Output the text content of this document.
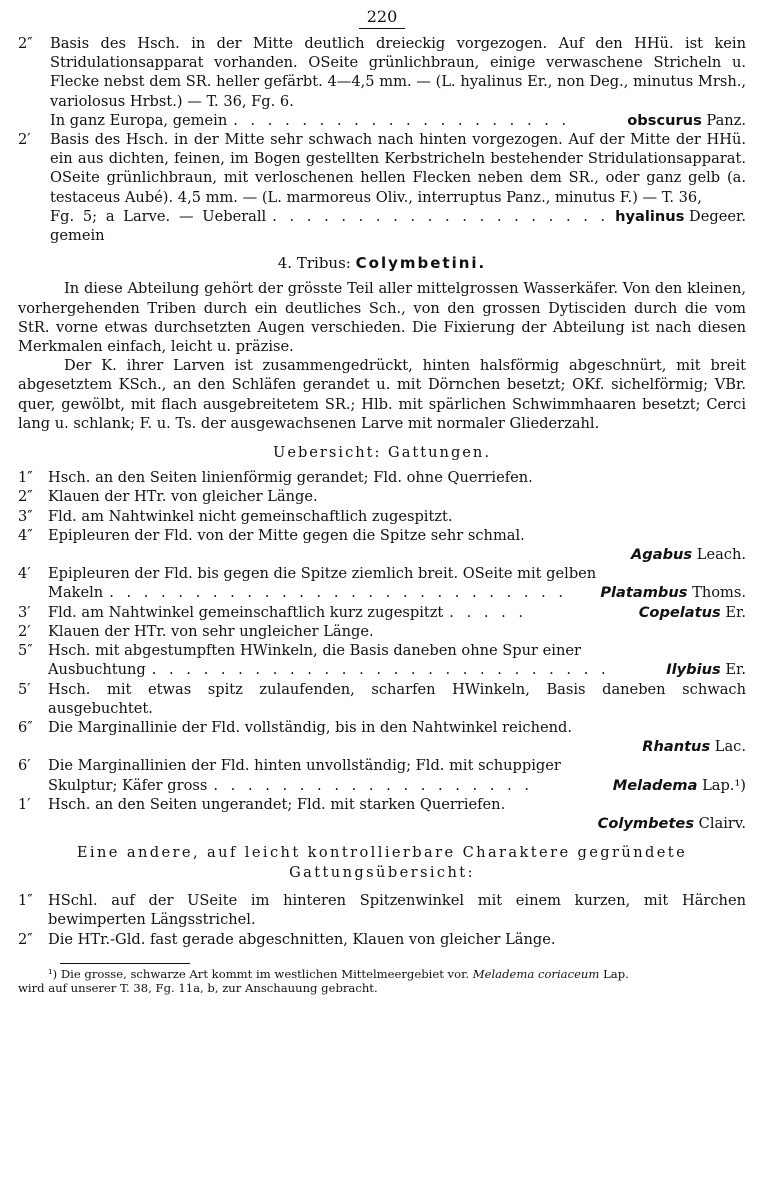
220
2″	Basis des Hsch. in der Mitte deutlich dreieckig vorgezogen. Auf den HHü. ist kein Stridulationsapparat vorhanden. OSeite grünlichbraun, einige verwaschene Stricheln u. Flecke nebst dem SR. heller gefärbt. 4—4,5 mm. — (L. hyalinus Er., non Deg., minutus Mrsh., variolosus Hrbst.) — T. 36, Fg. 6.
In ganz Europa, gemein . . . . . . . . . . . . . . . . . . . .	obscurus Panz.
2′	Basis des Hsch. in der Mitte sehr schwach nach hinten vorgezogen. Auf der Mitte der HHü. ein aus dichten, feinen, im Bogen gestellten Kerbstricheln bestehender Stridulationsapparat. OSeite grünlichbraun, mit verloschenen hellen Flecken neben dem SR., oder ganz gelb (a. testaceus Aubé). 4,5 mm. — (L. marmoreus Oliv., interruptus Panz., minutus F.) — T. 36,
Fg. 5; a Larve. — Ueberall gemein
. . . . . . . . . . . . . . . . . . . . hyalinus Degeer.
4. Tribus: Colymbetini.

In diese Abteilung gehört der grösste Teil aller mittelgrossen Wasserkäfer. Von den kleinen, vorhergehenden Triben durch ein deutliches Sch., von den grossen Dytisciden durch die vom StR. vorne etwas durchsetzten Augen verschieden. Die Fixierung der Abteilung ist nach diesen Merkmalen einfach, leicht u. präzise.

Der K. ihrer Larven ist zusammengedrückt, hinten halsförmig abgeschnürt, mit breit abgesetztem KSch., an den Schläfen gerandet u. mit Dörnchen besetzt; OKf. sichelförmig; VBr. quer, gewölbt, mit flach ausgebreitetem SR.; Hlb. mit spärlichen Schwimmhaaren besetzt; Cerci lang u. schlank; F. u. Ts. der ausgewachsenen Larve mit normaler Gliederzahl.

Uebersicht: Gattungen.
1″	Hsch. an den Seiten linienförmig gerandet; Fld. ohne Querriefen.
2″	Klauen der HTr. von gleicher Länge.
3″	Fld. am Nahtwinkel nicht gemeinschaftlich zugespitzt.
4″	Epipleuren der Fld. von der Mitte gegen die Spitze sehr schmal.
Agabus Leach.
4′	Epipleuren der Fld. bis gegen die Spitze ziemlich breit. OSeite mit gelben
Makeln . . . . . . . . . . . . . . . . . . . . . . . . . . .	Platambus Thoms.
3′	Fld. am Nahtwinkel gemeinschaftlich kurz zugespitzt . . . . .	Copelatus Er.
2′	Klauen der HTr. von sehr ungleicher Länge.
5″	Hsch. mit abgestumpften HWinkeln, die Basis daneben ohne Spur einer
Ausbuchtung . . . . . . . . . . . . . . . . . . . . . . . . . . .	Ilybius Er.
5′	Hsch. mit etwas spitz zulaufenden, scharfen HWinkeln, Basis daneben schwach ausgebuchtet.
6″	Die Marginallinie der Fld. vollständig, bis in den Nahtwinkel reichend.
Rhantus Lac.
6′	Die Marginallinien der Fld. hinten unvollständig; Fld. mit schuppiger
Skulptur; Käfer gross . . . . . . . . . . . . . . . . . . .	Meladema Lap.¹)
1′	Hsch. an den Seiten ungerandet; Fld. mit starken Querriefen.
Colymbetes Clairv.
Eine andere, auf leicht kontrollierbare Charaktere gegründete
Gattungsübersicht:
1″	HSchl. auf der USeite im hinteren Spitzenwinkel mit einem kurzen, mit Härchen bewimperten Längsstrichel.
2″	Die HTr.-Gld. fast gerade abgeschnitten, Klauen von gleicher Länge.
¹) Die grosse, schwarze Art kommt im westlichen Mittelmeergebiet vor. Meladema coriaceum Lap.
wird auf unserer T. 38, Fg. 11a, b, zur Anschauung gebracht.
